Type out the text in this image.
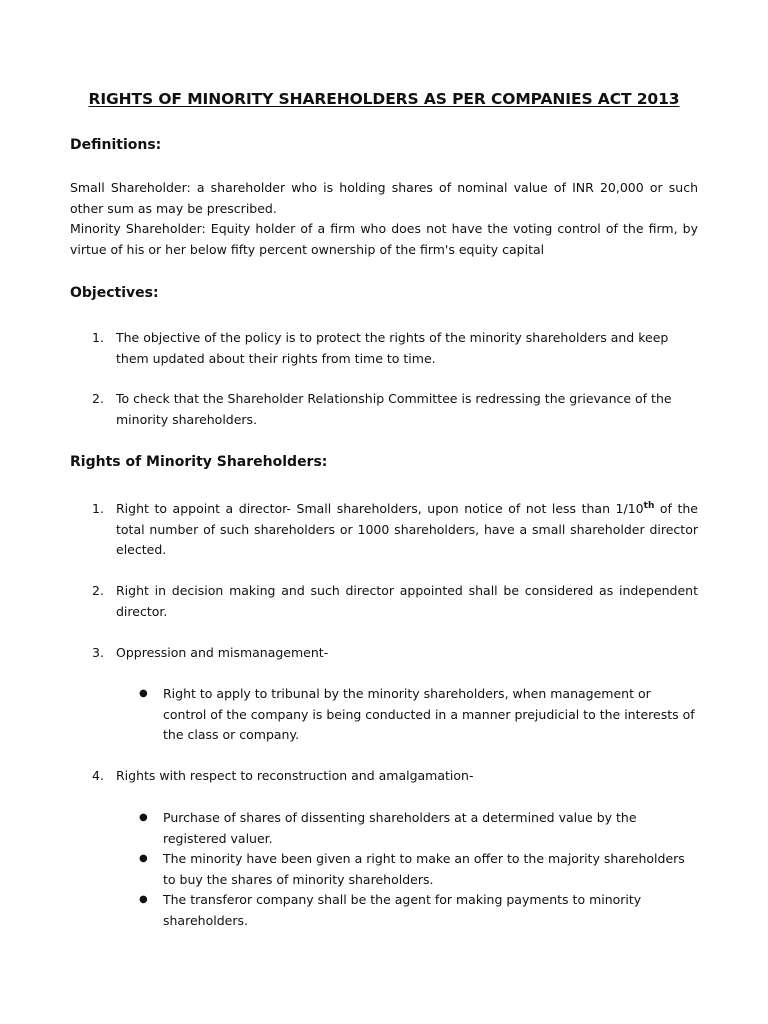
RIGHTS OF MINORITY SHAREHOLDERS AS PER COMPANIES ACT 2013
Definitions:

Small Shareholder: a shareholder who is holding shares of nominal value of INR 20,000 or such other sum as may be prescribed.

Minority Shareholder: Equity holder of a firm who does not have the voting control of the firm, by virtue of his or her below fifty percent ownership of the firm's equity capital

Objectives:
1. The objective of the policy is to protect the rights of the minority shareholders and keep them updated about their rights from time to time.
2. To check that the Shareholder Relationship Committee is redressing the grievance of the minority shareholders.
Rights of Minority Shareholders:
1. Right to appoint a director- Small shareholders, upon notice of not less than 1/10th of the total number of such shareholders or 1000 shareholders, have a small shareholder director elected.
2. Right in decision making and such director appointed shall be considered as independent director.
3. Oppression and mismanagement-
●	Right to apply to tribunal by the minority shareholders, when management or control of the company is being conducted in a manner prejudicial to the interests of the class or company.
4. Rights with respect to reconstruction and amalgamation-
●	Purchase of shares of dissenting shareholders at a determined value by the registered valuer.
●	The minority have been given a right to make an offer to the majority shareholders to buy the shares of minority shareholders.
●	The transferor company shall be the agent for making payments to minority shareholders.
